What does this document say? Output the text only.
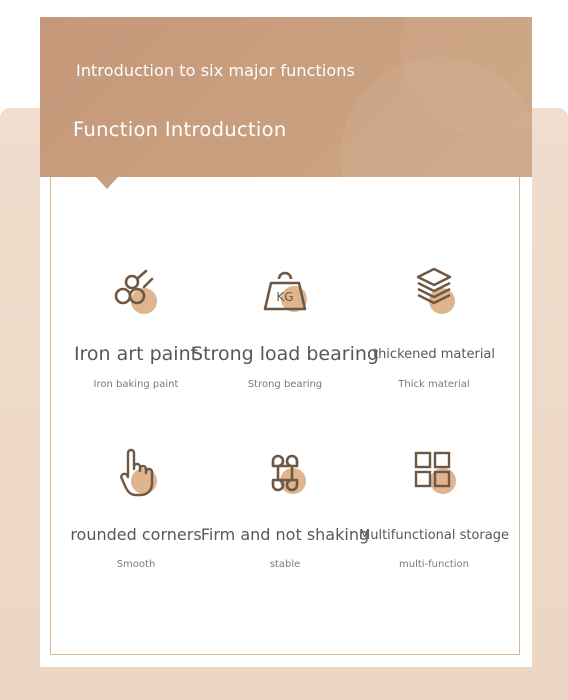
Introduction to six major functions
Function Introduction
Iron art paint
Iron baking paint
KG
Strong load bearing
Strong bearing
thickened material
Thick material
rounded corners
Smooth
Firm and not shaking
stable
Multifunctional storage
multi-function
